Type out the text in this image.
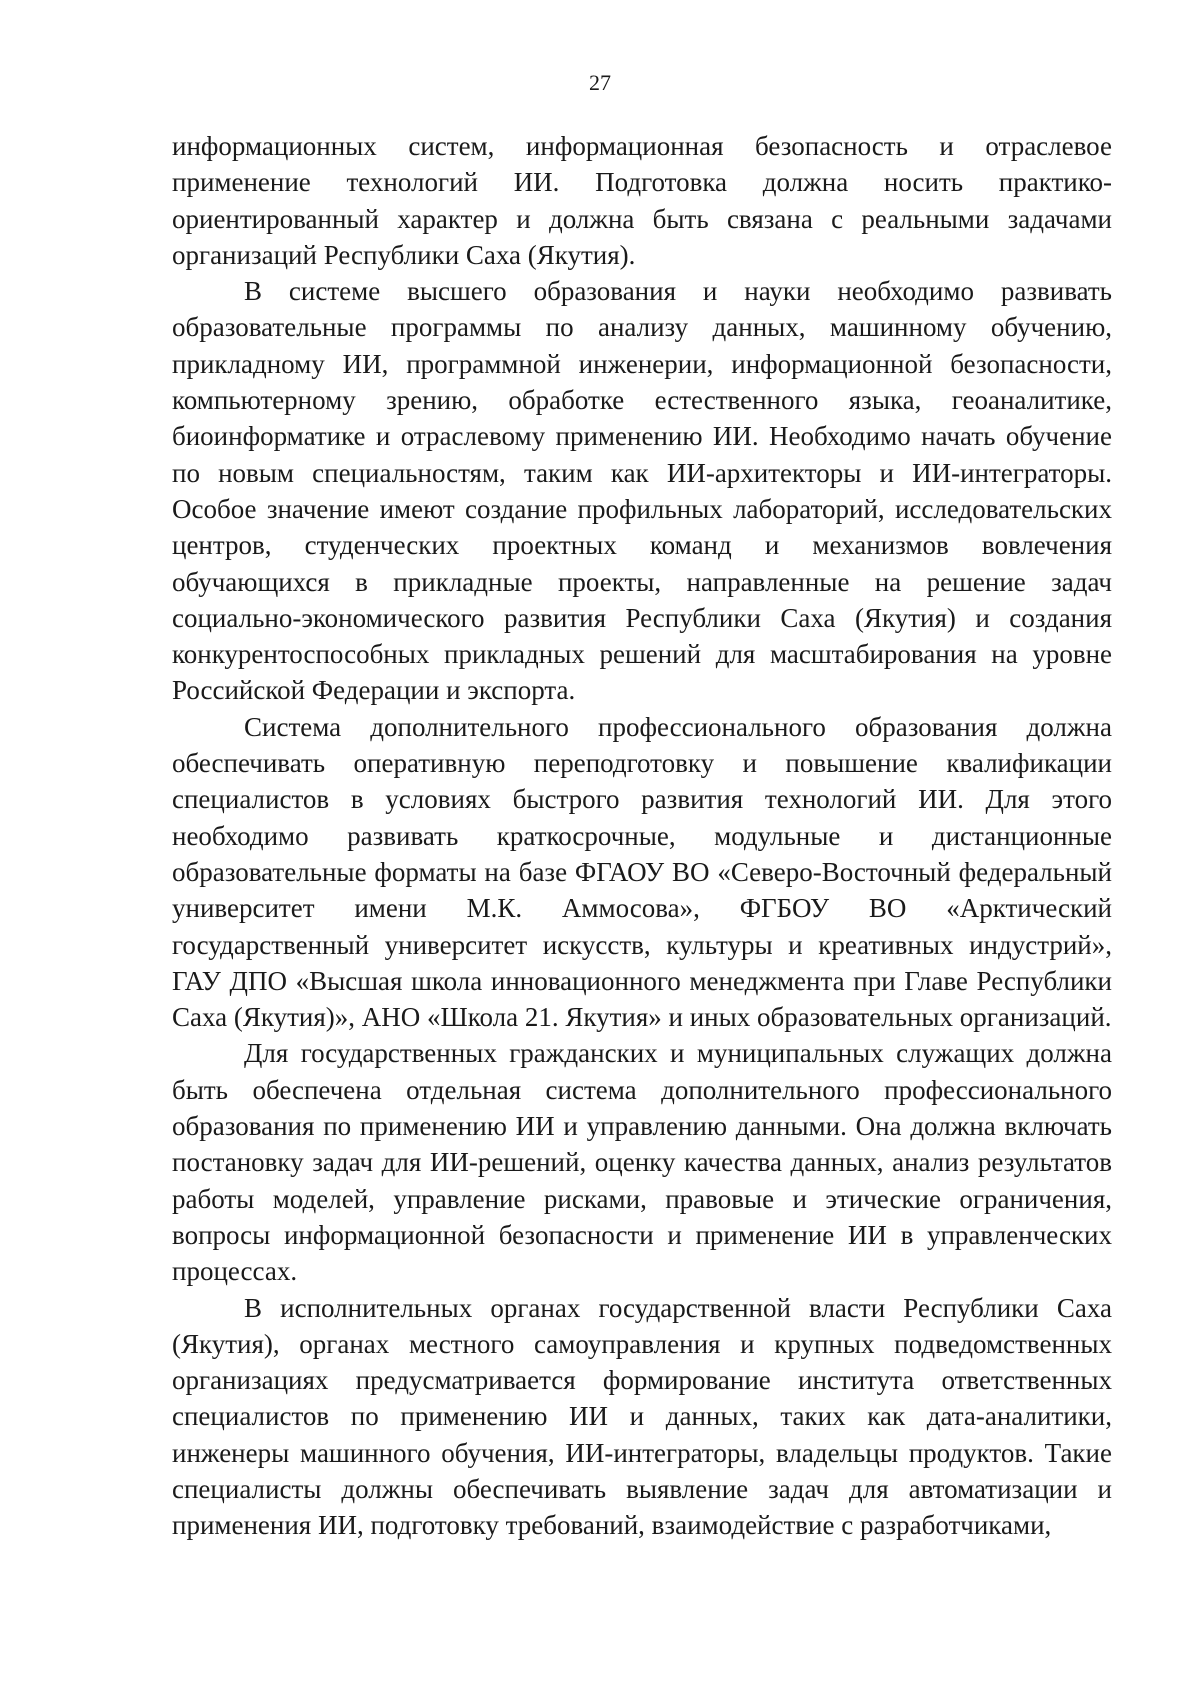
27

информационных систем, информационная безопасность и отраслевое применение технологий ИИ. Подготовка должна носить практико-ориентированный характер и должна быть связана с реальными задачами организаций Республики Саха (Якутия).

В системе высшего образования и науки необходимо развивать образовательные программы по анализу данных, машинному обучению, прикладному ИИ, программной инженерии, информационной безопасности, компьютерному зрению, обработке естественного языка, геоаналитике, биоинформатике и отраслевому применению ИИ. Необходимо начать обучение по новым специальностям, таким как ИИ-архитекторы и ИИ-интеграторы. Особое значение имеют создание профильных лабораторий, исследовательских центров, студенческих проектных команд и механизмов вовлечения обучающихся в прикладные проекты, направленные на решение задач социально-экономического развития Республики Саха (Якутия) и создания конкурентоспособных прикладных решений для масштабирования на уровне Российской Федерации и экспорта.

Система дополнительного профессионального образования должна обеспечивать оперативную переподготовку и повышение квалификации специалистов в условиях быстрого развития технологий ИИ. Для этого необходимо развивать краткосрочные, модульные и дистанционные образовательные форматы на базе ФГАОУ ВО «Северо-Восточный федеральный университет имени М.К. Аммосова», ФГБОУ ВО «Арктический государственный университет искусств, культуры и креативных индустрий», ГАУ ДПО «Высшая школа инновационного менеджмента при Главе Республики Саха (Якутия)», АНО «Школа 21. Якутия» и иных образовательных организаций.

Для государственных гражданских и муниципальных служащих должна быть обеспечена отдельная система дополнительного профессионального образования по применению ИИ и управлению данными. Она должна включать постановку задач для ИИ-решений, оценку качества данных, анализ результатов работы моделей, управление рисками, правовые и этические ограничения, вопросы информационной безопасности и применение ИИ в управленческих процессах.

В исполнительных органах государственной власти Республики Саха (Якутия), органах местного самоуправления и крупных подведомственных организациях предусматривается формирование института ответственных специалистов по применению ИИ и данных, таких как дата-аналитики, инженеры машинного обучения, ИИ-интеграторы, владельцы продуктов. Такие специалисты должны обеспечивать выявление задач для автоматизации и применения ИИ, подготовку требований, взаимодействие с разработчиками,
